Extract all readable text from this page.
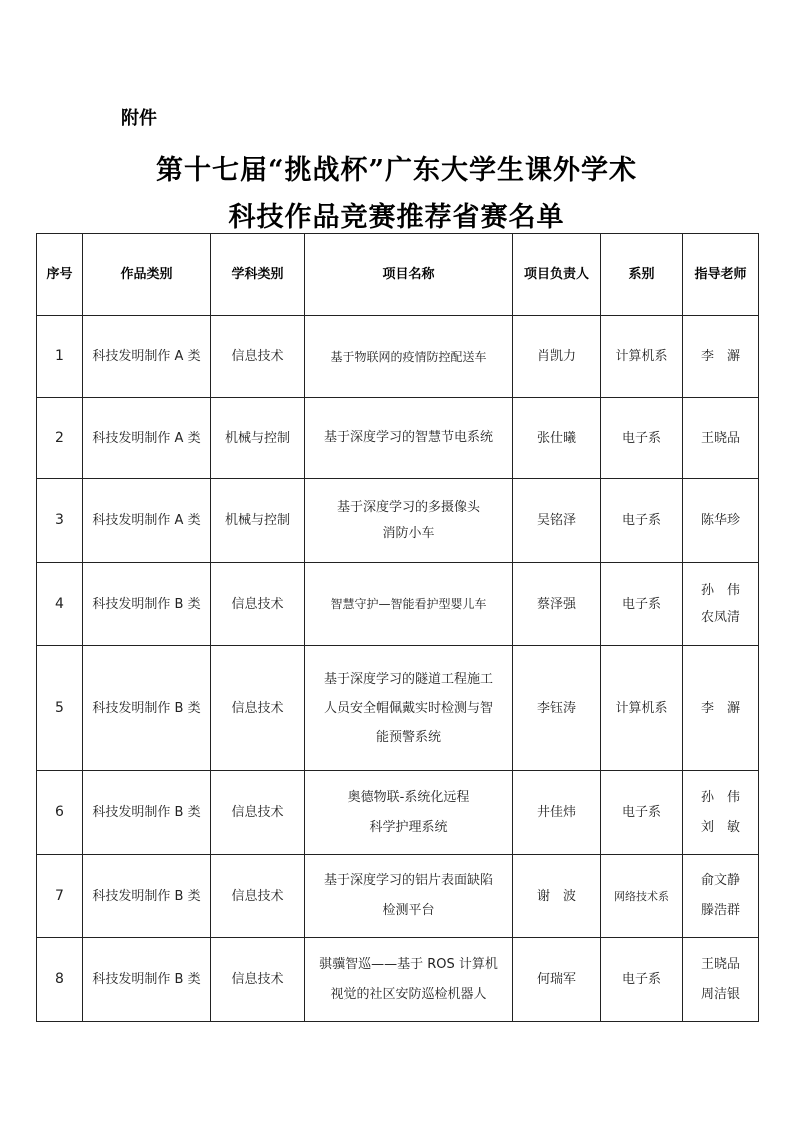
附件
第十七届“挑战杯”广东大学生课外学术
科技作品竞赛推荐省赛名单
序号	作品类别	学科类别	项目名称	项目负责人	系别	指导老师
1	科技发明制作 A 类	信息技术	基于物联网的疫情防控配送车	肖凯力	计算机系	李　澥

2	科技发明制作 A 类	机械与控制	基于深度学习的智慧节电系统	张仕曦	电子系	王晓品

3	科技发明制作 A 类	机械与控制	基于深度学习的多摄像头
消防小车	吴铭泽	电子系	陈华珍

4	科技发明制作 B 类	信息技术	智慧守护—智能看护型婴儿车	蔡泽强	电子系	孙　伟
农凤清

5	科技发明制作 B 类	信息技术	基于深度学习的隧道工程施工
人员安全帽佩戴实时检测与智
能预警系统	李钰涛	计算机系	李　澥

6	科技发明制作 B 类	信息技术	奥德物联-系统化远程
科学护理系统	井佳炜	电子系	孙　伟
刘　敏

7	科技发明制作 B 类	信息技术	基于深度学习的铝片表面缺陷
检测平台	谢　波	网络技术系	俞文静
滕浩群

8	科技发明制作 B 类	信息技术	骐骥智巡——基于 ROS 计算机
视觉的社区安防巡检机器人	何瑞军	电子系	王晓品
周洁银
